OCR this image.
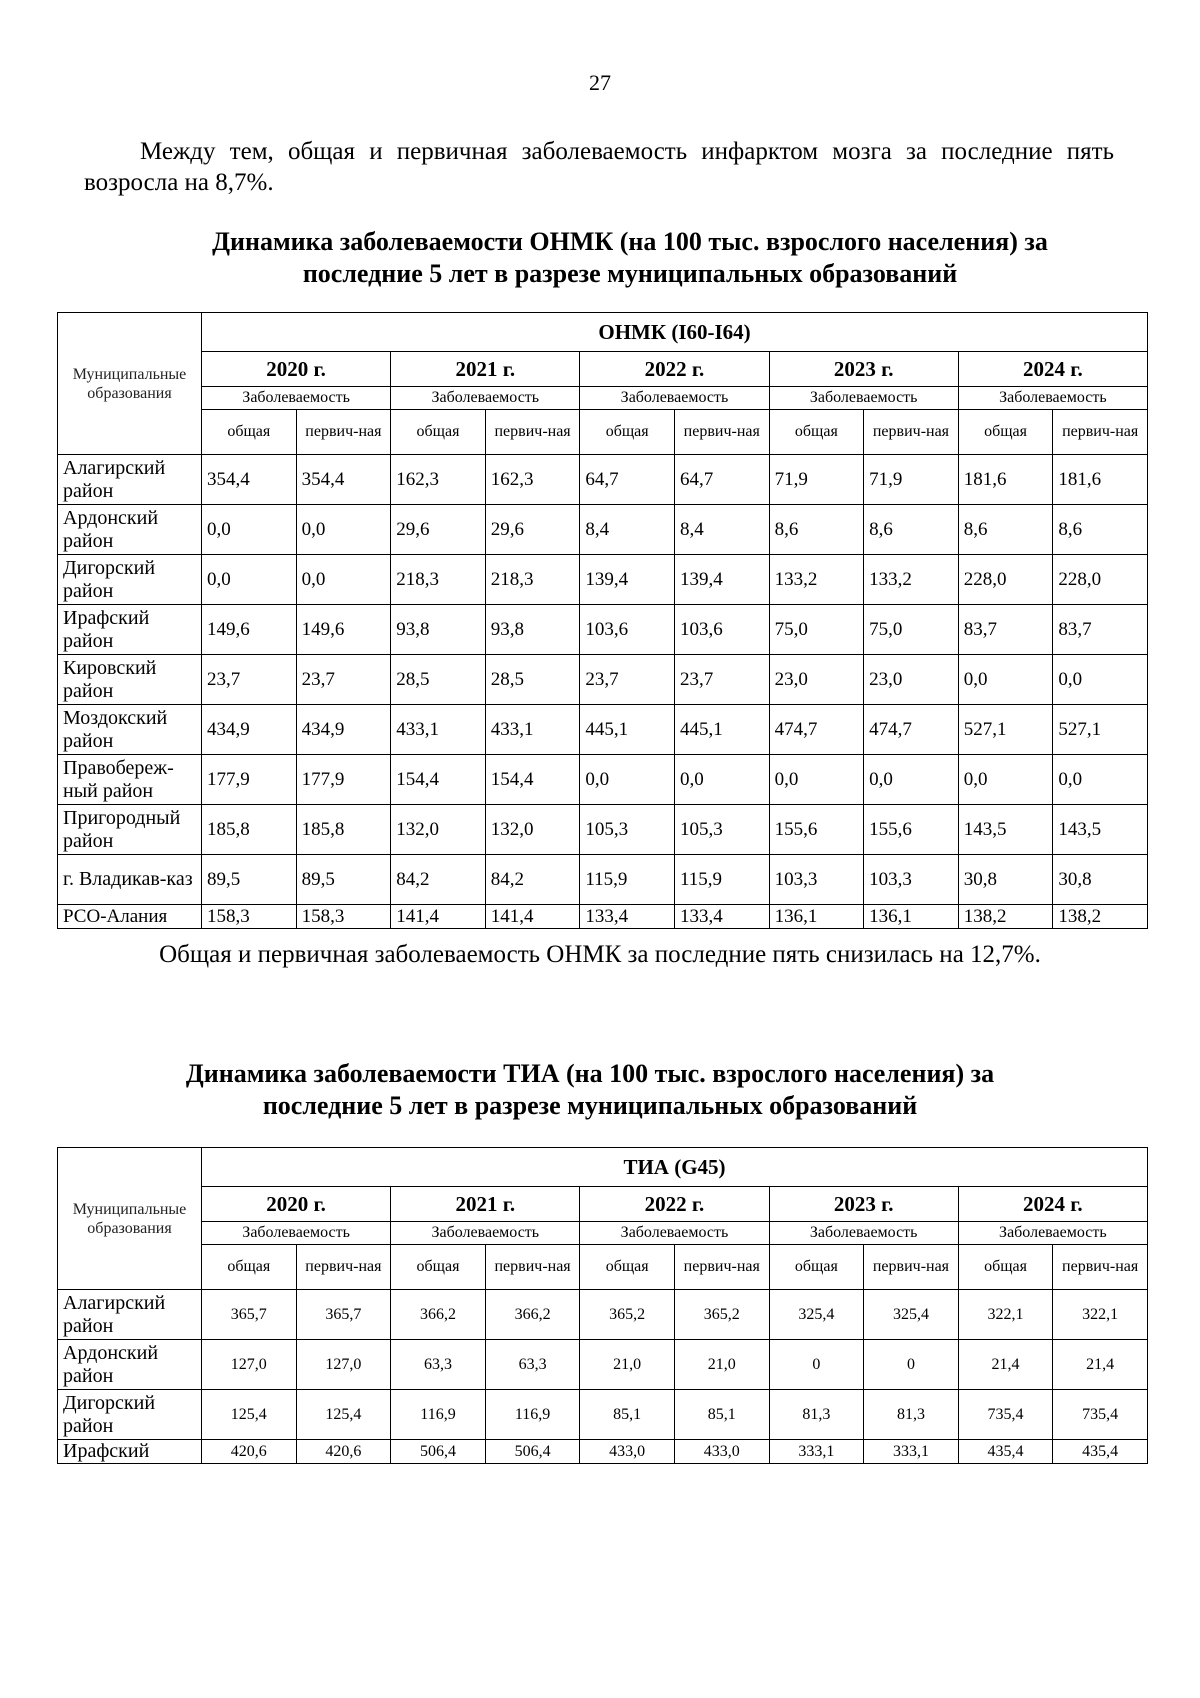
27

Между тем, общая и первичная заболеваемость инфарктом мозга за последние пять возросла на 8,7%.

Динамика заболеваемости ОНМК (на 100 тыс. взрослого населения) за
последние 5 лет в разрезе муниципальных образований
Муниципальные образования	ОНМК (I60-I64)									
	2020 г.		2021 г.		2022 г.		2023 г.		2024 г.	
	Заболеваемость		Заболеваемость		Заболеваемость		Заболеваемость		Заболеваемость	
	общая	первич-ная	общая	первич-ная	общая	первич-ная	общая	первич-ная	общая	первич-ная
Алагирский район	354,4	354,4	162,3	162,3	64,7	64,7	71,9	71,9	181,6	181,6
Ардонский район	0,0	0,0	29,6	29,6	8,4	8,4	8,6	8,6	8,6	8,6
Дигорский район	0,0	0,0	218,3	218,3	139,4	139,4	133,2	133,2	228,0	228,0
Ирафский район	149,6	149,6	93,8	93,8	103,6	103,6	75,0	75,0	83,7	83,7
Кировский район	23,7	23,7	28,5	28,5	23,7	23,7	23,0	23,0	0,0	0,0
Моздокский район	434,9	434,9	433,1	433,1	445,1	445,1	474,7	474,7	527,1	527,1
Правобереж-ный район	177,9	177,9	154,4	154,4	0,0	0,0	0,0	0,0	0,0	0,0
Пригородный район	185,8	185,8	132,0	132,0	105,3	105,3	155,6	155,6	143,5	143,5
г. Владикав-каз	89,5	89,5	84,2	84,2	115,9	115,9	103,3	103,3	30,8	30,8
РСО-Алания	158,3	158,3	141,4	141,4	133,4	133,4	136,1	136,1	138,2	138,2

Общая и первичная заболеваемость ОНМК за последние пять снизилась на 12,7%.

Динамика заболеваемости ТИА (на 100 тыс. взрослого населения) за
последние 5 лет в разрезе муниципальных образований
Муниципальные образования	ТИА (G45)									
	2020 г.		2021 г.		2022 г.		2023 г.		2024 г.	
	Заболеваемость		Заболеваемость		Заболеваемость		Заболеваемость		Заболеваемость	
	общая	первич-ная	общая	первич-ная	общая	первич-ная	общая	первич-ная	общая	первич-ная
Алагирский район	365,7	365,7	366,2	366,2	365,2	365,2	325,4	325,4	322,1	322,1
Ардонский район	127,0	127,0	63,3	63,3	21,0	21,0	0	0	21,4	21,4
Дигорский район	125,4	125,4	116,9	116,9	85,1	85,1	81,3	81,3	735,4	735,4
Ирафский	420,6	420,6	506,4	506,4	433,0	433,0	333,1	333,1	435,4	435,4
